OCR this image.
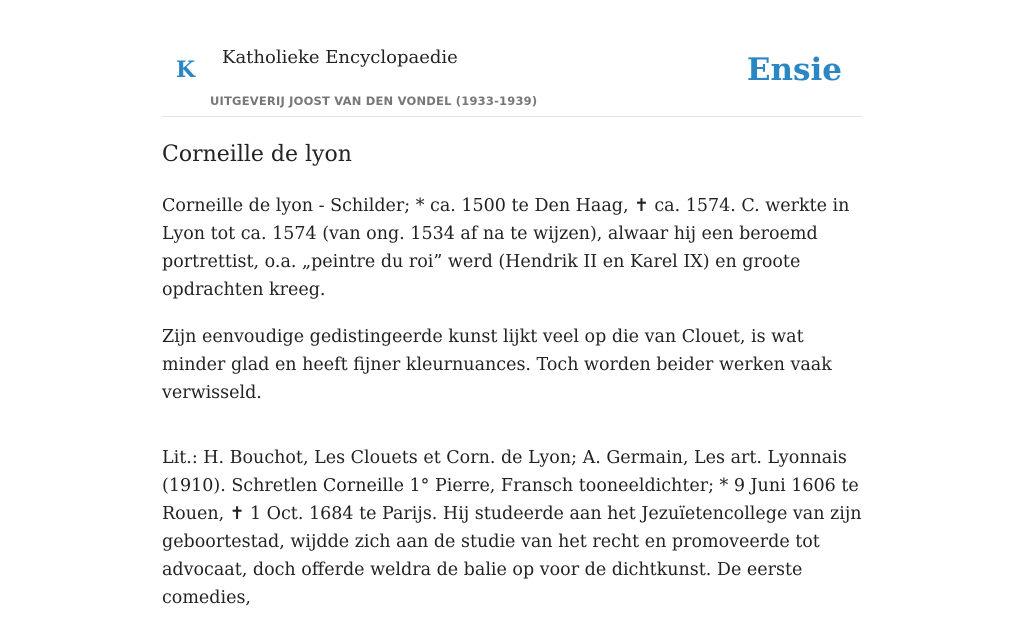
K Katholieke Encyclopaedie
UITGEVERIJ JOOST VAN DEN VONDEL (1933-1939)
Ensie
Corneille de lyon

Corneille de lyon - Schilder; * ca. 1500 te Den Haag, ✝ ca. 1574. C. werkte in Lyon tot ca. 1574 (van ong. 1534 af na te wijzen), alwaar hij een beroemd portrettist, o.a. „peintre du roi” werd (Hendrik II en Karel IX) en groote opdrachten kreeg.

Zijn eenvoudige gedistingeerde kunst lijkt veel op die van Clouet, is wat minder glad en heeft fijner kleurnuances. Toch worden beider werken vaak verwisseld.

Lit.: H. Bouchot, Les Clouets et Corn. de Lyon; A. Germain, Les art. Lyonnais (1910). Schretlen Corneille 1° Pierre, Fransch tooneeldichter; * 9 Juni 1606 te Rouen, ✝ 1 Oct. 1684 te Parijs. Hij studeerde aan het Jezuïetencollege van zijn geboortestad, wijdde zich aan de studie van het recht en promoveerde tot advocaat, doch offerde weldra de balie op voor de dichtkunst. De eerste comedies,
